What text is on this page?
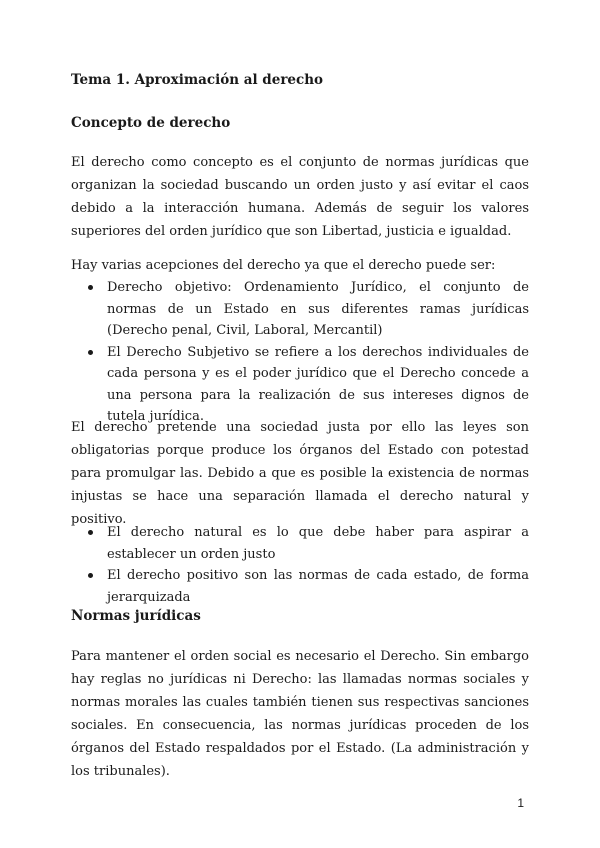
Tema 1. Aproximación al derecho
Concepto de derecho

El derecho como concepto es el conjunto de normas jurídicas que organizan la sociedad buscando un orden justo y así evitar el caos debido a la interacción humana. Además de seguir los valores superiores del orden jurídico que son Libertad, justicia e igualdad.

Hay varias acepciones del derecho ya que el derecho puede ser:

Derecho objetivo: Ordenamiento Jurídico, el conjunto de normas de un Estado en sus diferentes ramas jurídicas (Derecho penal, Civil, Laboral, Mercantil)
El Derecho Subjetivo se refiere a los derechos individuales de cada persona y es el poder jurídico que el Derecho concede a una persona para la realización de sus intereses dignos de tutela jurídica.

El derecho pretende una sociedad justa por ello las leyes son obligatorias porque produce los órganos del Estado con potestad para promulgar las. Debido a que es posible la existencia de normas injustas se hace una separación llamada el derecho natural y positivo.

El derecho natural es lo que debe haber para aspirar a establecer un orden justo
El derecho positivo son las normas de cada estado, de forma jerarquizada
Normas jurídicas

Para mantener el orden social es necesario el Derecho. Sin embargo hay reglas no jurídicas ni Derecho: las llamadas normas sociales y normas morales las cuales también tienen sus respectivas sanciones sociales. En consecuencia, las normas jurídicas proceden de los órganos del Estado respaldados por el Estado. (La administración y los tribunales).

1
